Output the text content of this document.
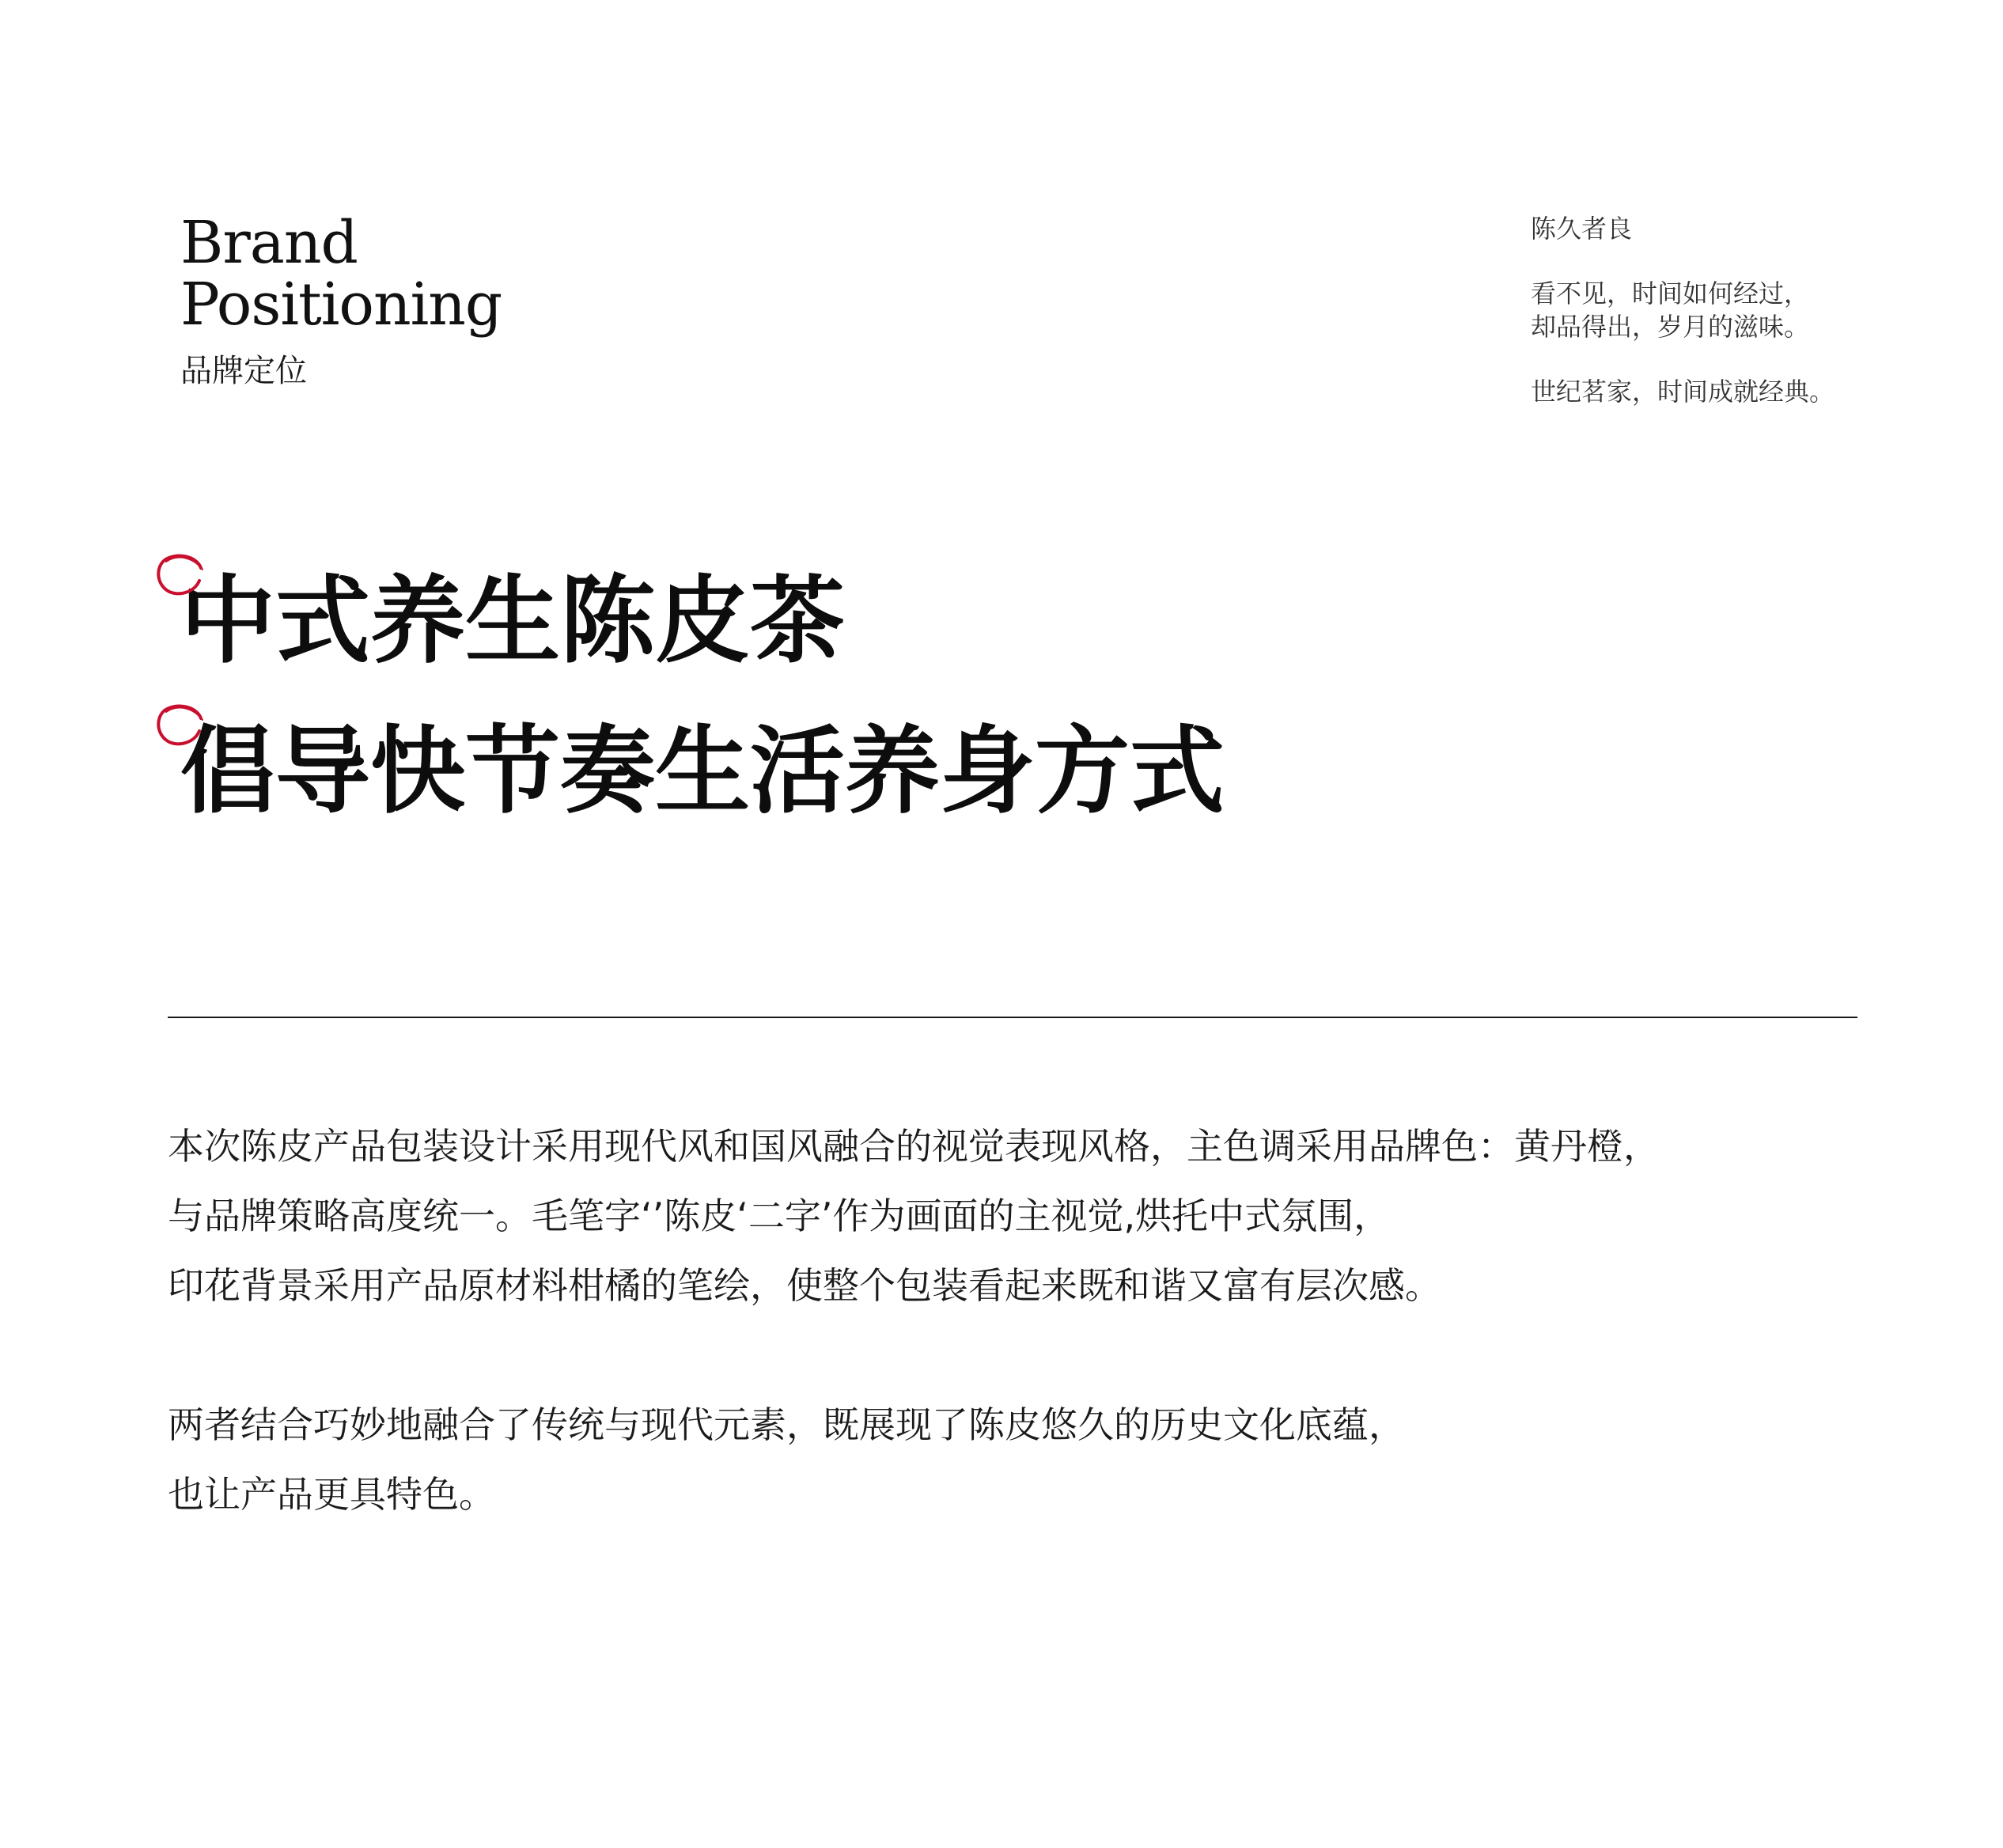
Brand
Positioning
品牌定位

陈久者良

看不见，时间如何经过，

却品得出，岁月的滋味。

世纪茗家，时间成就经典。

中式养生陈皮茶
倡导快节奏生活养身方式

本次陈皮产品包装设计采用现代风和国风融合的视觉表现风格，主色调采用品牌色：黄丹橙，

与品牌策略高度统一。毛笔字‘’陈皮‘二字’作为画面的主视觉,烘托中式氛围，

印花背景采用产品原材料柑橘的笔绘，使整个包装看起来既和谐又富有层次感。

两者结合巧妙地融合了传统与现代元素，既展现了陈皮悠久的历史文化底蕴，

也让产品更具特色。
